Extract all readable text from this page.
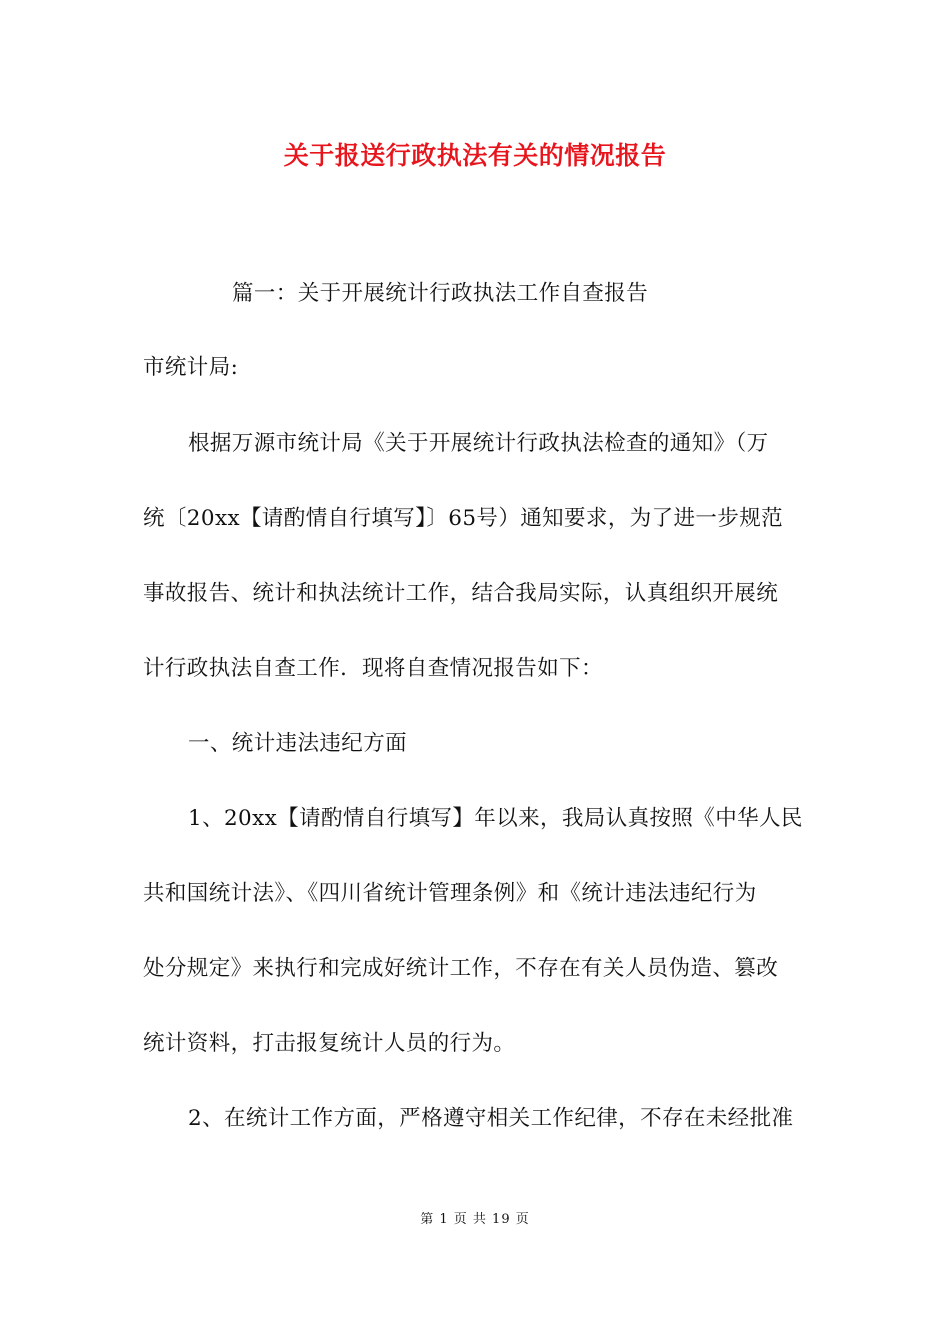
关于报送行政执法有关的情况报告
篇一：关于开展统计行政执法工作自查报告
市统计局:
根据万源市统计局《关于开展统计行政执法检查的通知》（万
统〔20xx【请酌情自行填写】〕65号）通知要求，为了进一步规范
事故报告、统计和执法统计工作，结合我局实际，认真组织开展统
计行政执法自查工作．现将自查情况报告如下：
一、统计违法违纪方面
1、20xx【请酌情自行填写】年以来，我局认真按照《中华人民
共和国统计法》、《四川省统计管理条例》和《统计违法违纪行为
处分规定》来执行和完成好统计工作，不存在有关人员伪造、篡改
统计资料，打击报复统计人员的行为。
2、在统计工作方面，严格遵守相关工作纪律，不存在未经批准
第 1 页 共 19 页
